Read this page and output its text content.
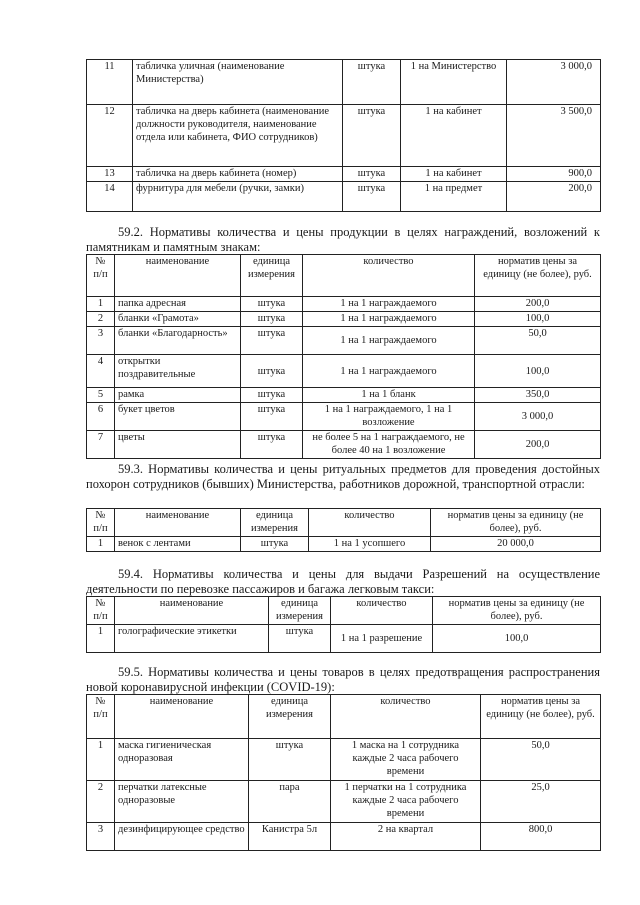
11	табличка уличная (наименование Министерства)	штука	1 на Министерство	3 000,0
12	табличка на дверь кабинета (наименование должности руководителя, наименование отдела или кабинета, ФИО сотрудников)	штука	1 на кабинет	3 500,0
13	табличка на дверь кабинета (номер)	штука	1 на кабинет	900,0
14	фурнитура для мебели (ручки, замки)	штука	1 на предмет	200,0

59.2. Нормативы количества и цены продукции в целях награждений, возложений к памятникам и памятным знакам:

№ п/п	наименование	единица измерения	количество	норматив цены за единицу (не более), руб.
1	папка адресная	штука	1 на 1 награждаемого	200,0
2	бланки «Грамота»	штука	1 на 1 награждаемого	100,0
3	бланки «Благодарность»	штука	1 на 1 награждаемого	50,0
4	открытки поздравительные	штука	1 на 1 награждаемого	100,0
5	рамка	штука	1 на 1 бланк	350,0
6	букет цветов	штука	1 на 1 награждаемого, 1 на 1 возложение	3 000,0
7	цветы	штука	не более 5 на 1 награждаемого, не более 40 на 1 возложение	200,0

59.3. Нормативы количества и цены ритуальных предметов для проведения достойных похорон сотрудников (бывших) Министерства, работников дорожной, транспортной отрасли:

№ п/п	наименование	единица измерения	количество	норматив цены за единицу (не более), руб.
1	венок с лентами	штука	1 на 1 усопшего	20 000,0

59.4. Нормативы количества и цены для выдачи Разрешений на осуществление деятельности по перевозке пассажиров и багажа легковым такси:

№ п/п	наименование	единица измерения	количество	норматив цены за единицу (не более), руб.
1	голографические этикетки	штука	1 на 1 разрешение	100,0

59.5. Нормативы количества и цены товаров в целях предотвращения распространения новой коронавирусной инфекции (COVID-19):

№ п/п	наименование	единица измерения	количество	норматив цены за единицу (не более), руб.
1	маска гигиеническая одноразовая	штука	1 маска на 1 сотрудника каждые 2 часа рабочего времени	50,0
2	перчатки латексные одноразовые	пара	1 перчатки на 1 сотрудника каждые 2 часа рабочего времени	25,0
3	дезинфицирующее средство	Канистра 5л	2 на квартал	800,0
